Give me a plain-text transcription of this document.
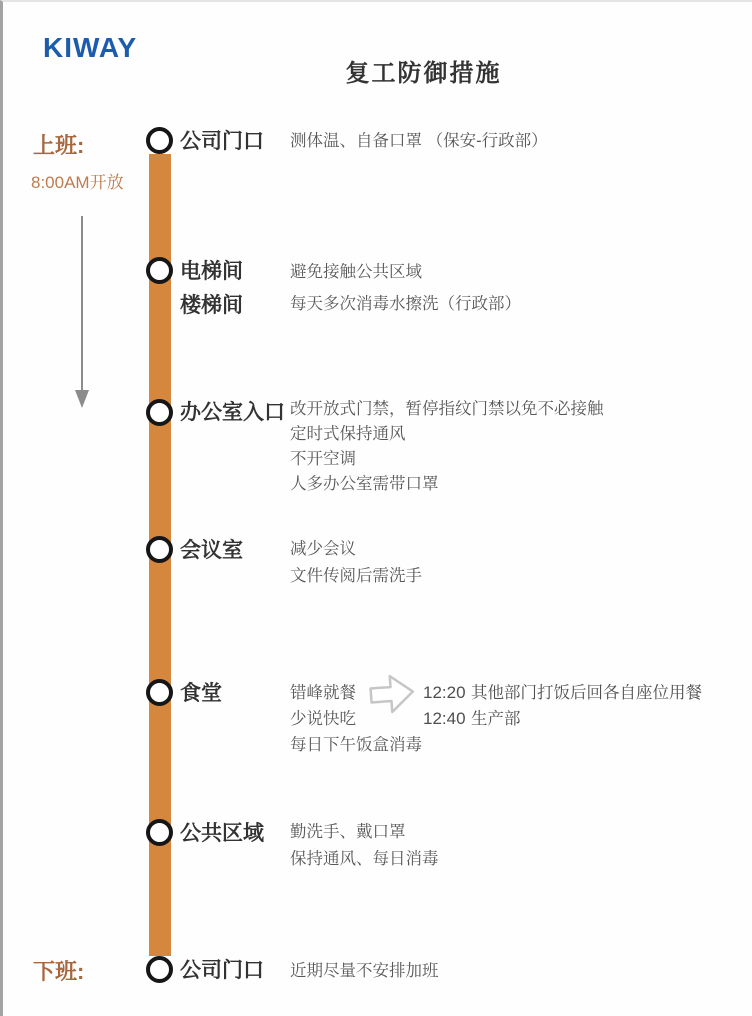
KIWAY
复工防御措施
上班:
8:00AM开放
下班:
公司门口 测体温、自备口罩 （保安-行政部）
电梯间
楼梯间
避免接触公共区域
每天多次消毒水擦洗（行政部）
办公室入口 改开放式门禁，暂停指纹门禁以免不必接触
定时式保持通风
不开空调
人多办公室需带口罩
会议室	减少会议
文件传阅后需洗手
食堂	错峰就餐
少说快吃
每日下午饭盒消毒
12:20
12:40
其他部门打饭后回各自座位用餐
生产部
公共区域 勤洗手、戴口罩
保持通风、每日消毒
公司门口 近期尽量不安排加班
